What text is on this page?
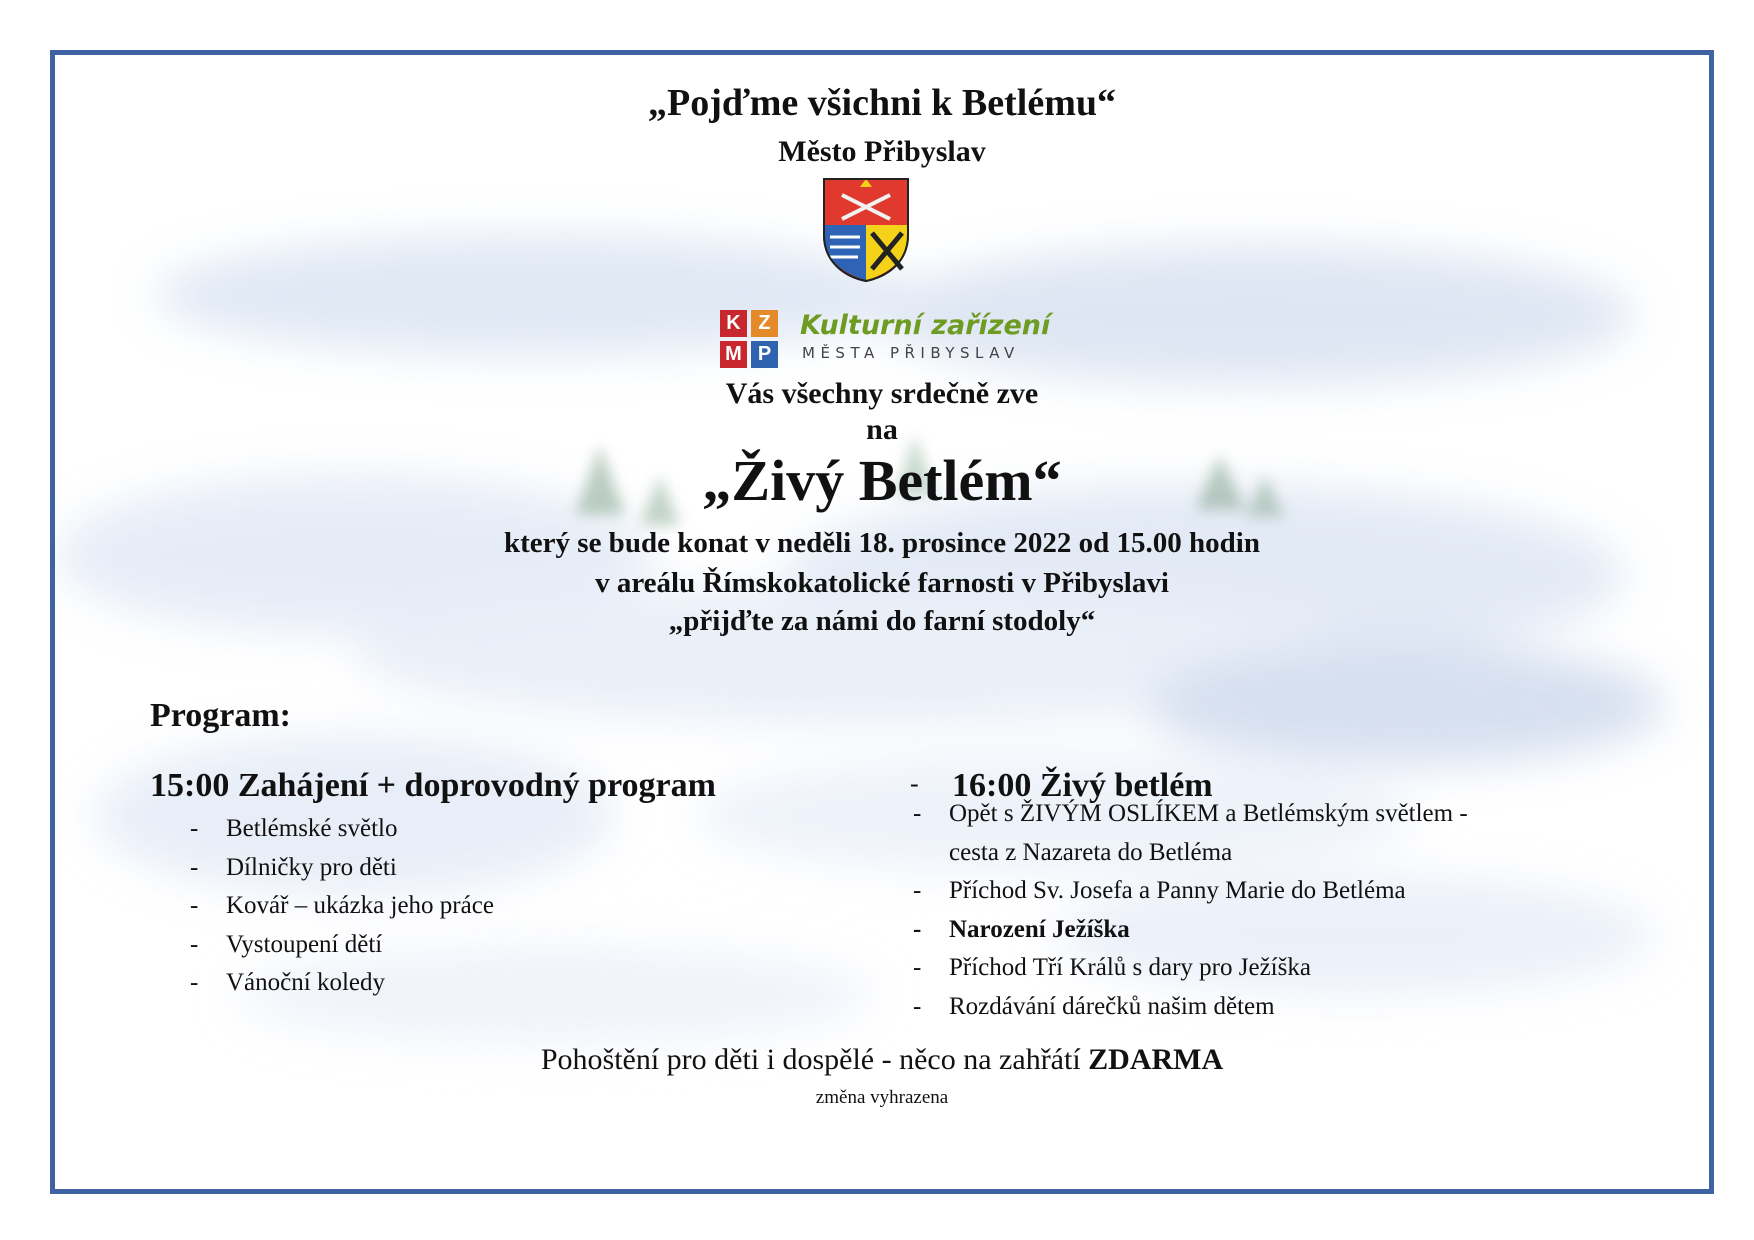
„Pojďme všichni k Betlému“
Město Přibyslav
K Z
M P
Kulturní zařízení
MĚSTA PŘIBYSLAV
Vás všechny srdečně zve
na
„Živý Betlém“
který se bude konat v neděli 18. prosince 2022 od 15.00 hodin
v areálu Římskokatolické farnosti v Přibyslavi
„přijďte za námi do farní stodoly“
Program:
15:00 Zahájení + doprovodný program
- Betlémské světlo
- Dílničky pro děti
- Kovář – ukázka jeho práce
- Vystoupení dětí
- Vánoční koledy
- 16:00 Živý betlém
- Opět s ŽIVÝM OSLÍKEM a Betlémským světlem - cesta z Nazareta do Betléma
- Příchod Sv. Josefa a Panny Marie do Betléma
- Narození Ježíška
- Příchod Tří Králů s dary pro Ježíška
- Rozdávání dárečků našim dětem
Pohoštění pro děti i dospělé - něco na zahřátí ZDARMA
změna vyhrazena
